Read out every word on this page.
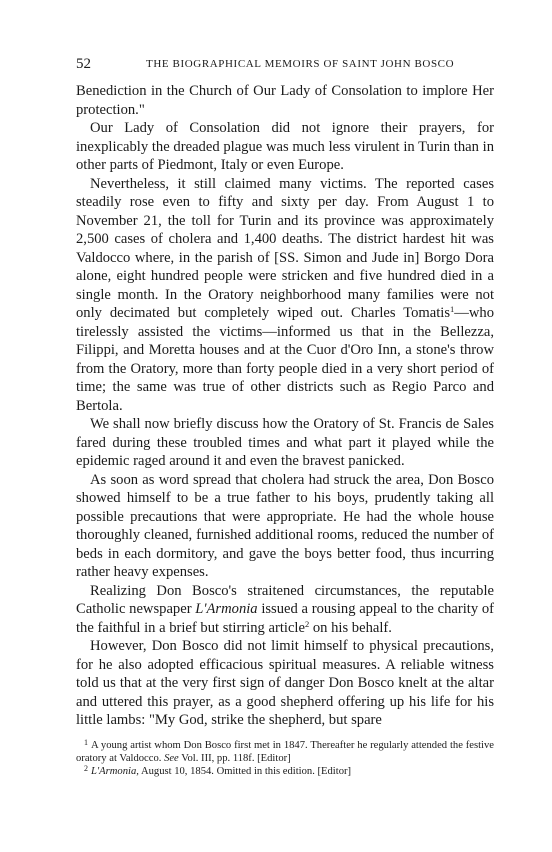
52	THE BIOGRAPHICAL MEMOIRS OF SAINT JOHN BOSCO

Benediction in the Church of Our Lady of Consolation to implore Her protection."

Our Lady of Consolation did not ignore their prayers, for inexplicably the dreaded plague was much less virulent in Turin than in other parts of Piedmont, Italy or even Europe.

Nevertheless, it still claimed many victims. The reported cases steadily rose even to fifty and sixty per day. From August 1 to November 21, the toll for Turin and its province was approximately 2,500 cases of cholera and 1,400 deaths. The district hardest hit was Valdocco where, in the parish of [SS. Simon and Jude in] Borgo Dora alone, eight hundred people were stricken and five hundred died in a single month. In the Oratory neighborhood many families were not only decimated but completely wiped out. Charles Tomatis$^1$—who tirelessly assisted the victims—informed us that in the Bellezza, Filippi, and Moretta houses and at the Cuor d'Oro Inn, a stone's throw from the Oratory, more than forty people died in a very short period of time; the same was true of other districts such as Regio Parco and Bertola.

We shall now briefly discuss how the Oratory of St. Francis de Sales fared during these troubled times and what part it played while the epidemic raged around it and even the bravest panicked.

As soon as word spread that cholera had struck the area, Don Bosco showed himself to be a true father to his boys, prudently taking all possible precautions that were appropriate. He had the whole house thoroughly cleaned, furnished additional rooms, reduced the number of beds in each dormitory, and gave the boys better food, thus incurring rather heavy expenses.

Realizing Don Bosco's straitened circumstances, the reputable Catholic newspaper L'Armonia issued a rousing appeal to the charity of the faithful in a brief but stirring article$^2$ on his behalf.

However, Don Bosco did not limit himself to physical precautions, for he also adopted efficacious spiritual measures. A reliable witness told us that at the very first sign of danger Don Bosco knelt at the altar and uttered this prayer, as a good shepherd offering up his life for his little lambs: "My God, strike the shepherd, but spare

$^1$ A young artist whom Don Bosco first met in 1847. Thereafter he regularly attended the festive oratory at Valdocco. See Vol. III, pp. 118f. [Editor]

$^2$ L'Armonia, August 10, 1854. Omitted in this edition. [Editor]
